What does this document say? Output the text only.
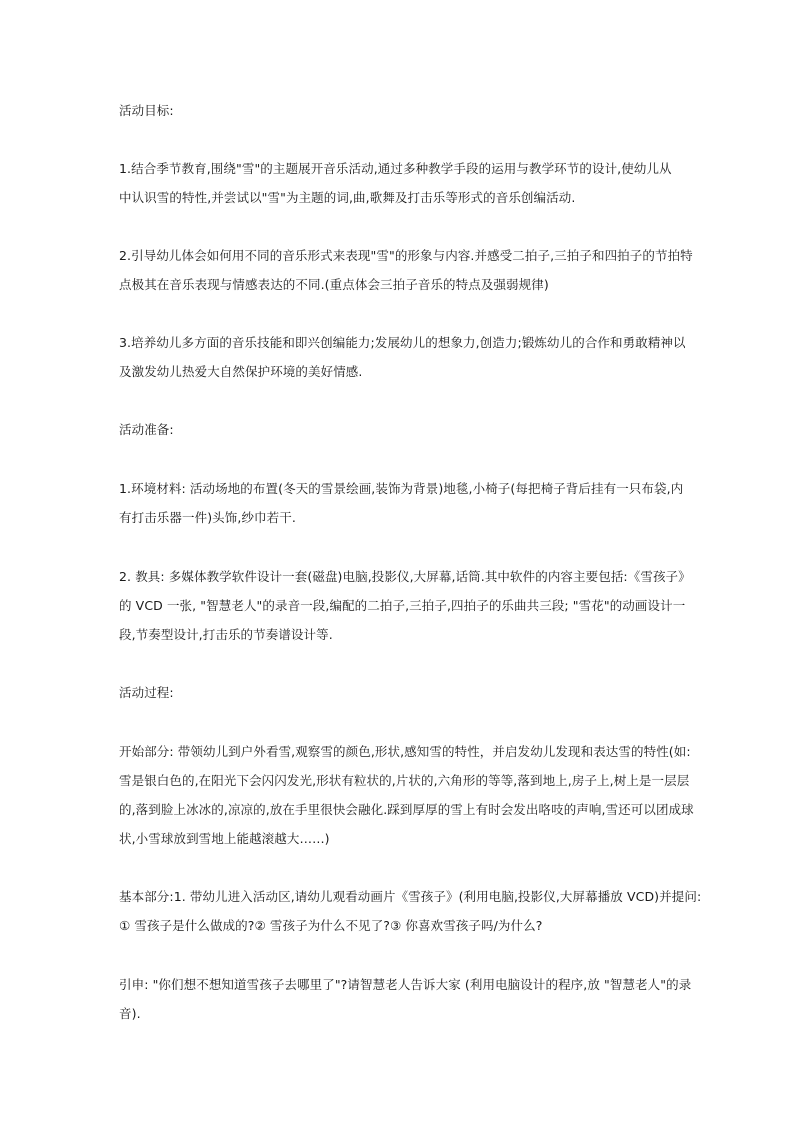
活动目标:
1.结合季节教育,围绕"雪"的主题展开音乐活动,通过多种教学手段的运用与教学环节的设计,使幼儿从
中认识雪的特性,并尝试以"雪"为主题的词,曲,歌舞及打击乐等形式的音乐创编活动.
2.引导幼儿体会如何用不同的音乐形式来表现"雪"的形象与内容.并感受二拍子,三拍子和四拍子的节拍特
点极其在音乐表现与情感表达的不同.(重点体会三拍子音乐的特点及强弱规律)
3.培养幼儿多方面的音乐技能和即兴创编能力;发展幼儿的想象力,创造力;锻炼幼儿的合作和勇敢精神以
及激发幼儿热爱大自然保护环境的美好情感.
活动准备:
1.环境材料: 活动场地的布置(冬天的雪景绘画,装饰为背景)地毯,小椅子(每把椅子背后挂有一只布袋,内
有打击乐器一件)头饰,纱巾若干.
2. 教具: 多媒体教学软件设计一套(磁盘)电脑,投影仪,大屏幕,话筒.其中软件的内容主要包括:《雪孩子》
的 VCD 一张, "智慧老人"的录音一段,编配的二拍子,三拍子,四拍子的乐曲共三段; "雪花"的动画设计一
段,节奏型设计,打击乐的节奏谱设计等.
活动过程:
开始部分: 带领幼儿到户外看雪,观察雪的颜色,形状,感知雪的特性，并启发幼儿发现和表达雪的特性(如:
雪是银白色的,在阳光下会闪闪发光,形状有粒状的,片状的,六角形的等等,落到地上,房子上,树上是一层层
的,落到脸上冰冰的,凉凉的,放在手里很快会融化.踩到厚厚的雪上有时会发出咯吱的声响,雪还可以团成球
状,小雪球放到雪地上能越滚越大……)
基本部分:1. 带幼儿进入活动区,请幼儿观看动画片《雪孩子》(利用电脑,投影仪,大屏幕播放 VCD)并提问:
① 雪孩子是什么做成的?② 雪孩子为什么不见了?③ 你喜欢雪孩子吗/为什么?
引申: "你们想不想知道雪孩子去哪里了"?请智慧老人告诉大家 (利用电脑设计的程序,放 "智慧老人"的录
音).
